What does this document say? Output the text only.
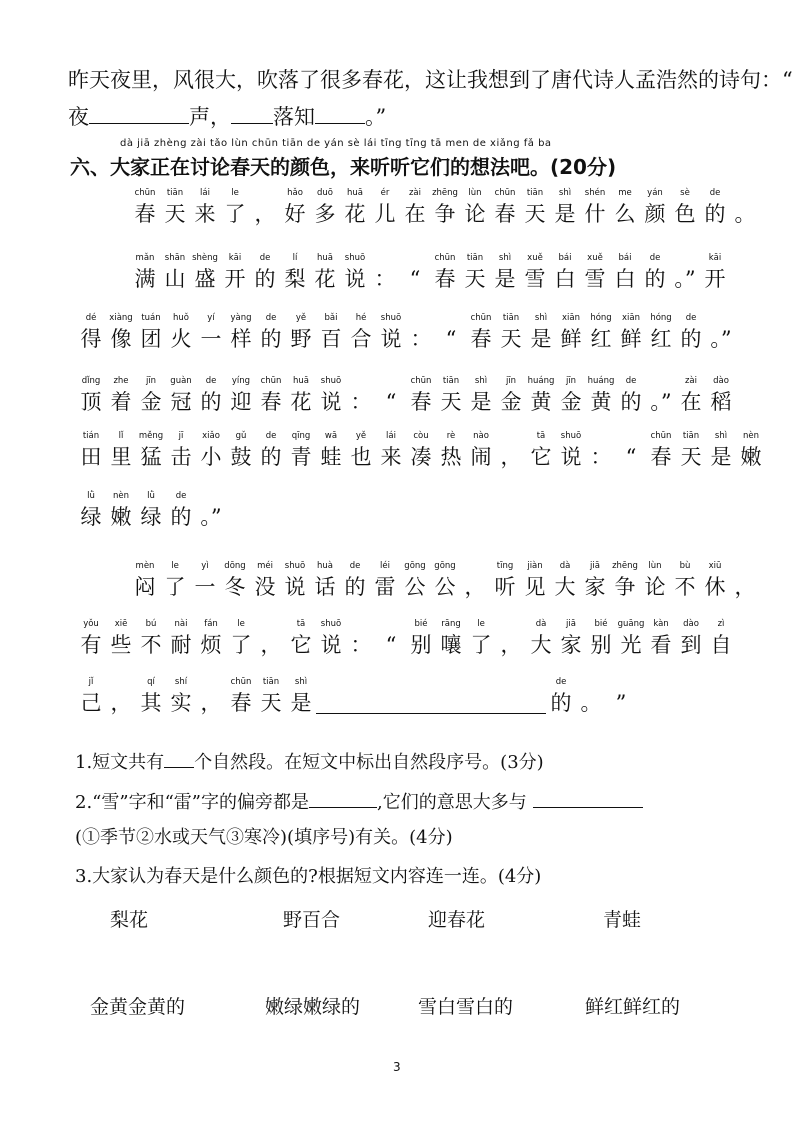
昨天夜里，风很大，吹落了很多春花，这让我想到了唐代诗人孟浩然的诗句：“
夜	声， 落知 。”
dà jiā zhèng zài tǎo lùn chūn tiān de yán sè lái tīng tīng tā men de xiǎng fǎ ba
六、大家正在讨论春天的颜色，来听听它们的想法吧。(20分)
chūn
春
tiān
天
lái
来
le
了 ，
hǎo
好
duō
多
huā
花
ér
儿
zài
在
zhēng
争
lùn
论
chūn
春
tiān
天
shì
是
shén
什
me
么
yán
颜
sè
色
de
的 。
mǎn
满
shān
山
shèng
盛
kāi
开
de
的
lí
梨
huā
花
shuō
说 ： “
chūn
春
tiān
天
shì
是
xuě
雪
bái
白
xuě
雪
bái
白
de
的 。”
kāi
开
dé
得
xiàng
像
tuán
团
huǒ
火
yí
一
yàng
样
de
的
yě
野
bǎi
百
hé
合
shuō
说 ： “
chūn
春
tiān
天
shì
是
xiān
鲜
hóng
红
xiān
鲜
hóng
红
de
的 。”
dǐng
顶
zhe
着
jīn
金
guàn
冠
de
的
yíng
迎
chūn
春
huā
花
shuō
说 ： “
chūn
春
tiān
天
shì
是
jīn
金
huáng
黄
jīn
金
huáng
黄
de
的 。”
zài
在
dào
稻
tián
田
lǐ
里
měng
猛
jī
击
xiǎo
小
gǔ
鼓
de
的
qīng
青
wā
蛙
yě
也
lái
来
còu
凑
rè
热
nào
闹 ，
tā
它
shuō
说 ： “
chūn
春
tiān
天
shì
是
nèn
嫩
lǜ
绿
nèn
嫩
lǜ
绿
de
的 。”
mèn
闷
le
了
yì
一
dōng
冬
méi
没
shuō
说
huà
话
de
的
léi
雷
gōng
公
gōng
公 ，
tīng
听
jiàn
见
dà
大
jiā
家
zhēng
争
lùn
论
bù
不
xiū
休 ，
yǒu
有
xiē
些
bú
不
nài
耐
fán
烦
le
了 ，
tā
它
shuō
说 ： “
bié
别
rāng
嚷
le
了 ，
dà
大
jiā
家
bié
别
guāng
光
kàn
看
dào
到
zì
自
jǐ
己 ，
qí
其
shí
实 ，
chūn
春
tiān
天
shì
是
de
的 。 ”
1.短文共有 个自然段。在短文中标出自然段序号。(3分)
2.“雪”字和“雷”字的偏旁都是	,它们的意思大多与
(①季节②水或天气③寒冷)(填序号)有关。(4分)
3.大家认为春天是什么颜色的?根据短文内容连一连。(4分)
梨花	野百合	迎春花	青蛙
金黄金黄的	嫩绿嫩绿的	雪白雪白的	鲜红鲜红的
3
